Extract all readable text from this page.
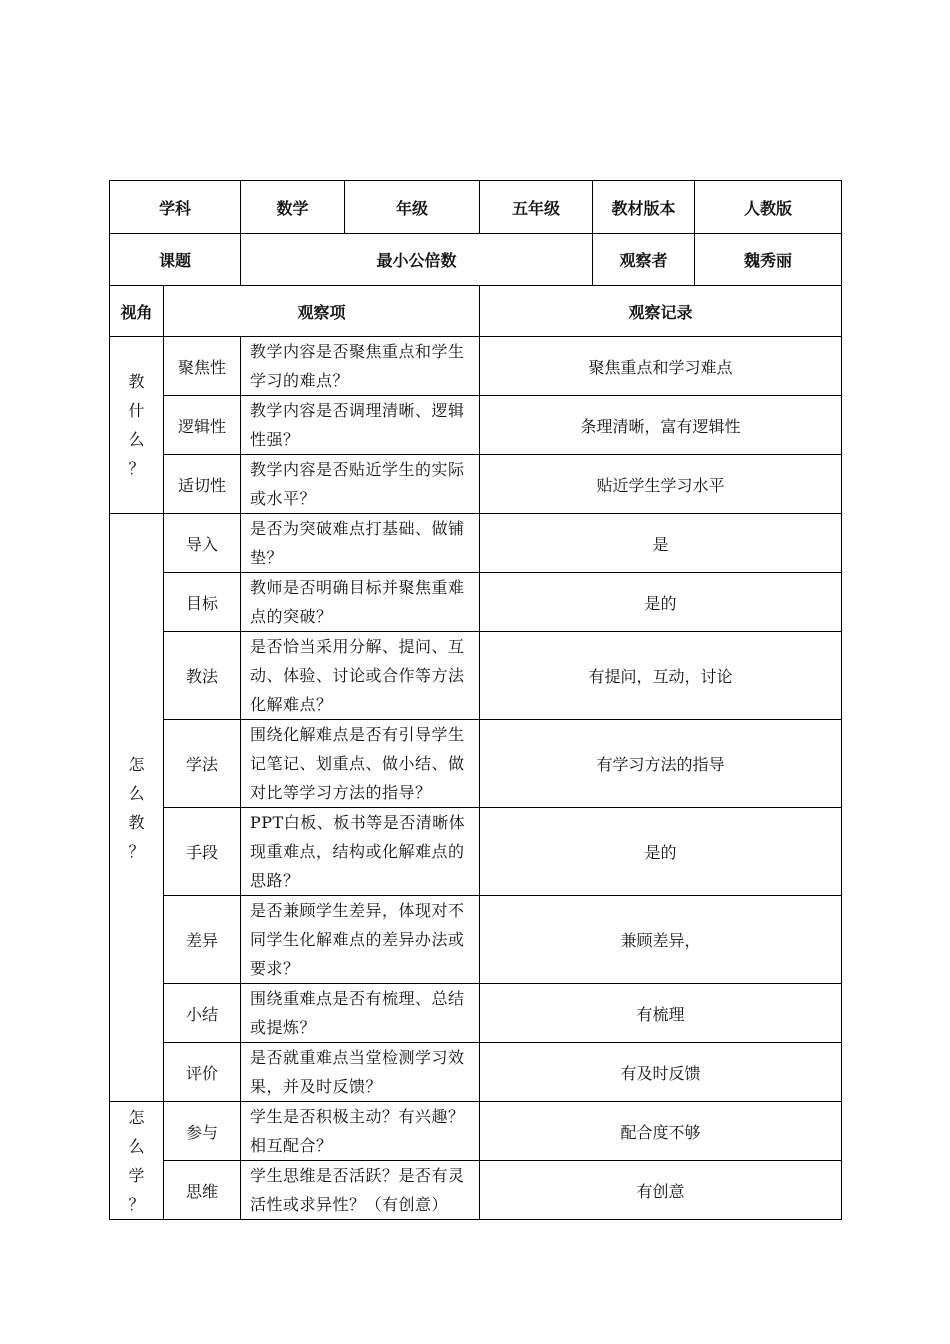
学科		数学	年级	五年级	教材版本	人教版
课题		最小公倍数			观察者	魏秀丽
视角	观察项			观察记录		

教
什
么
？	聚焦性	教学内容是否聚焦重点和学生学习的难点？		聚焦重点和学习难点		
	逻辑性	教学内容是否调理清晰、逻辑性强？		条理清晰，富有逻辑性		
	适切性	教学内容是否贴近学生的实际或水平？		贴近学生学习水平		

怎
么
教
？	导入	是否为突破难点打基础、做铺垫？		是		
	目标	教师是否明确目标并聚焦重难点的突破？		是的		
	教法	是否恰当采用分解、提问、互动、体验、讨论或合作等方法化解难点？		有提问，互动，讨论		
	学法	围绕化解难点是否有引导学生记笔记、划重点、做小结、做对比等学习方法的指导？		有学习方法的指导		
	手段	PPT白板、板书等是否清晰体现重难点，结构或化解难点的思路？		是的		
	差异	是否兼顾学生差异，体现对不同学生化解难点的差异办法或要求？		兼顾差异，		
	小结	围绕重难点是否有梳理、总结或提炼？		有梳理		
	评价	是否就重难点当堂检测学习效果，并及时反馈？		有及时反馈		

怎
么
学
？	参与	学生是否积极主动？有兴趣？相互配合？		配合度不够		
	思维	学生思维是否活跃？是否有灵活性或求异性？（有创意）		有创意		
